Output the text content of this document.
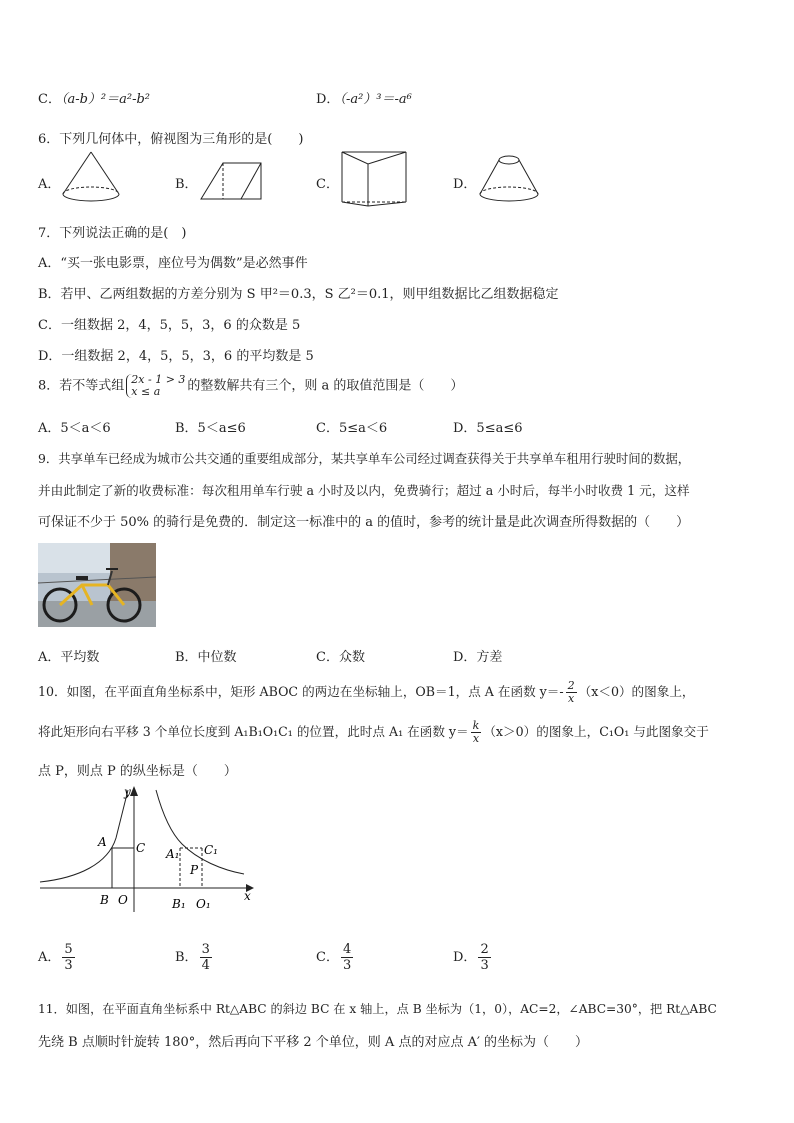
C．（a-b）²＝a²-b²	D．（-a²）³＝-a⁶
6．下列几何体中，俯视图为三角形的是(　　)
A．	B．	C．	D．
7．下列说法正确的是(　)
A．“买一张电影票，座位号为偶数”是必然事件
B．若甲、乙两组数据的方差分别为 S 甲²＝0.3，S 乙²＝0.1，则甲组数据比乙组数据稳定
C．一组数据 2，4，5，5，3，6 的众数是 5
D．一组数据 2，4，5，5，3，6 的平均数是 5
8．若不等式组 2x - 1 > 3
x ≤ a	的整数解共有三个，则 a 的取值范围是（　　）
A．5＜a＜6	B．5＜a≤6	C．5≤a＜6	D．5≤a≤6
9．共享单车已经成为城市公共交通的重要组成部分，某共享单车公司经过调查获得关于共享单车租用行驶时间的数据，
并由此制定了新的收费标准：每次租用单车行驶 a 小时及以内，免费骑行；超过 a 小时后，每半小时收费 1 元，这样
可保证不少于 50% 的骑行是免费的．制定这一标准中的 a 的值时，参考的统计量是此次调查所得数据的（　　）
A．平均数	B．中位数	C．众数	D．方差
10．如图，在平面直角坐标系中，矩形 ABOC 的两边在坐标轴上，OB＝1，点 A 在函数 $y=- \frac{2}{x} (x<0)$的图象上，
将此矩形向右平移 3 个单位长度到 A₁B₁O₁C₁ 的位置，此时点 A₁ 在函数 $y= \frac{k}{x} (x>0)$的图象上，C₁O₁ 与此图象交于
点 P，则点 P 的纵坐标是（　　）
y
x
A C
B O
A₁ C₁
P
B₁ O₁
A． $\frac{5}{3}$	B． $\frac{3}{4}$	C． $\frac{4}{3}$	D． $\frac{2}{3}$
11．如图，在平面直角坐标系中 Rt△ABC 的斜边 BC 在 x 轴上，点 B 坐标为（1，0），AC=2，∠ABC=30°，把 Rt△ABC
先绕 B 点顺时针旋转 180°，然后再向下平移 2 个单位，则 A 点的对应点 A′ 的坐标为（　　）
